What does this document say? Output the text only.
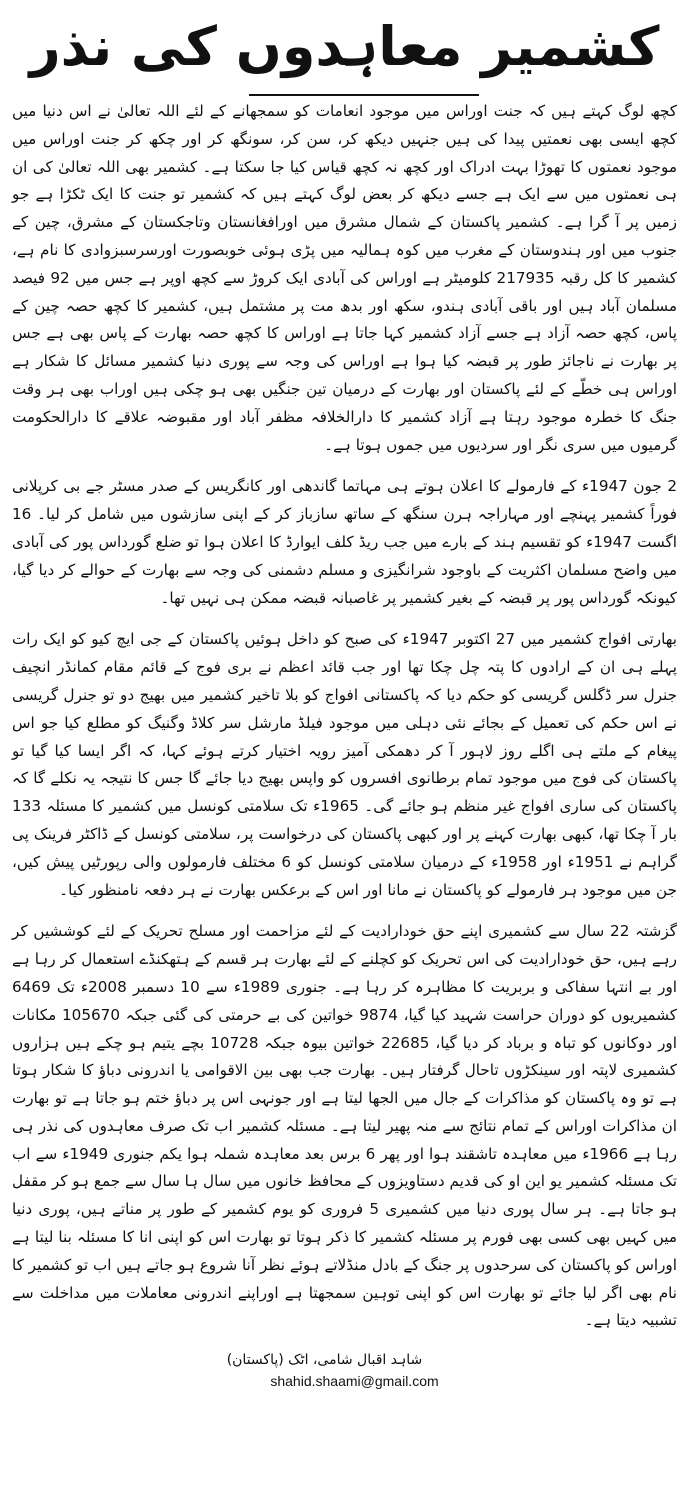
کشمیر معاہدوں کی نذر

کچھ لوگ کہتے ہیں کہ جنت اوراس میں موجود انعامات کو سمجھانے کے لئے اللہ تعالیٰ نے اس دنیا میں کچھ ایسی بھی نعمتیں پیدا کی ہیں جنہیں دیکھ کر، سن کر، سونگھ کر اور چکھ کر جنت اوراس میں موجود نعمتوں کا تھوڑا بہت ادراک اور کچھ نہ کچھ قیاس کیا جا سکتا ہے۔ کشمیر بھی اللہ تعالیٰ کی ان ہی نعمتوں میں سے ایک ہے جسے دیکھ کر بعض لوگ کہتے ہیں کہ کشمیر تو جنت کا ایک ٹکڑا ہے جو زمیں پر آ گرا ہے۔ کشمیر پاکستان کے شمال مشرق میں اورافغانستان وتاجکستان کے مشرق، چین کے جنوب میں اور ہندوستان کے مغرب میں کوہ ہمالیہ میں پڑی ہوئی خوبصورت اورسرسبزوادی کا نام ہے، کشمیر کا کل رقبہ 217935 کلومیٹر ہے اوراس کی آبادی ایک کروڑ سے کچھ اوپر ہے جس میں 92 فیصد مسلمان آباد ہیں اور باقی آبادی ہندو، سکھ اور بدھ مت پر مشتمل ہیں، کشمیر کا کچھ حصہ چین کے پاس، کچھ حصہ آزاد ہے جسے آزاد کشمیر کہا جاتا ہے اوراس کا کچھ حصہ بھارت کے پاس بھی ہے جس پر بھارت نے ناجائز طور پر قبضہ کیا ہوا ہے اوراس کی وجہ سے پوری دنیا کشمیر مسائل کا شکار ہے اوراس ہی خطّے کے لئے پاکستان اور بھارت کے درمیان تین جنگیں بھی ہو چکی ہیں اوراب بھی ہر وقت جنگ کا خطرہ موجود رہتا ہے آزاد کشمیر کا دارالخلافہ مظفر آباد اور مقبوضہ علاقے کا دارالحکومت گرمیوں میں سری نگر اور سردیوں میں جموں ہوتا ہے۔

2 جون 1947ء کے فارمولے کا اعلان ہوتے ہی مہاتما گاندھی اور کانگریس کے صدر مسٹر جے بی کرپلانی فوراً کشمیر پہنچے اور مہاراجہ ہرن سنگھ کے ساتھ سازباز کر کے اپنی سازشوں میں شامل کر لیا۔ 16 اگست 1947ء کو تقسیم ہند کے بارے میں جب ریڈ کلف ایوارڈ کا اعلان ہوا تو ضلع گورداس پور کی آبادی میں واضح مسلمان اکثریت کے باوجود شرانگیزی و مسلم دشمنی کی وجہ سے بھارت کے حوالے کر دیا گیا، کیونکہ گورداس پور پر قبضہ کے بغیر کشمیر پر غاصبانہ قبضہ ممکن ہی نہیں تھا۔

بھارتی افواج کشمیر میں 27 اکتوبر 1947ء کی صبح کو داخل ہوئیں پاکستان کے جی ایچ کیو کو ایک رات پہلے ہی ان کے ارادوں کا پتہ چل چکا تھا اور جب قائد اعظم نے بری فوج کے قائم مقام کمانڈر انچیف جنرل سر ڈگلس گریسی کو حکم دیا کہ پاکستانی افواج کو بلا تاخیر کشمیر میں بھیج دو تو جنرل گریسی نے اس حکم کی تعمیل کے بجائے نئی دہلی میں موجود فیلڈ مارشل سر کلاڈ وگنیگ کو مطلع کیا جو اس پیغام کے ملتے ہی اگلے روز لاہور آ کر دھمکی آمیز رویہ اختیار کرتے ہوئے کہا، کہ اگر ایسا کیا گیا تو پاکستان کی فوج میں موجود تمام برطانوی افسروں کو واپس بھیج دیا جائے گا جس کا نتیجہ یہ نکلے گا کہ پاکستان کی ساری افواج غیر منظم ہو جائے گی۔ 1965ء تک سلامتی کونسل میں کشمیر کا مسئلہ 133 بار آ چکا تھا، کبھی بھارت کہنے پر اور کبھی پاکستان کی درخواست پر، سلامتی کونسل کے ڈاکٹر فرینک پی گراہم نے 1951ء اور 1958ء کے درمیان سلامتی کونسل کو 6 مختلف فارمولوں والی رپورٹیں پیش کیں، جن میں موجود ہر فارمولے کو پاکستان نے مانا اور اس کے برعکس بھارت نے ہر دفعہ نامنظور کیا۔

گزشتہ 22 سال سے کشمیری اپنے حق خودارادیت کے لئے مزاحمت اور مسلح تحریک کے لئے کوششیں کر رہے ہیں، حق خودارادیت کی اس تحریک کو کچلنے کے لئے بھارت ہر قسم کے ہتھکنڈے استعمال کر رہا ہے اور بے انتہا سفاکی و بربریت کا مظاہرہ کر رہا ہے۔ جنوری 1989ء سے 10 دسمبر 2008ء تک 6469 کشمیریوں کو دوران حراست شہید کیا گیا، 9874 خواتین کی بے حرمتی کی گئی جبکہ 105670 مکانات اور دوکانوں کو تباہ و برباد کر دیا گیا، 22685 خواتین بیوہ جبکہ 10728 بچے یتیم ہو چکے ہیں ہزاروں کشمیری لاپتہ اور سینکڑوں تاحال گرفتار ہیں۔ بھارت جب بھی بین الاقوامی یا اندرونی دباؤ کا شکار ہوتا ہے تو وہ پاکستان کو مذاکرات کے جال میں الجھا لیتا ہے اور جونہی اس پر دباؤ ختم ہو جاتا ہے تو بھارت ان مذاکرات اوراس کے تمام نتائج سے منہ پھیر لیتا ہے۔ مسئلہ کشمیر اب تک صرف معاہدوں کی نذر ہی رہا ہے 1966ء میں معاہدہ تاشقند ہوا اور پھر 6 برس بعد معاہدہ شملہ ہوا یکم جنوری 1949ء سے اب تک مسئلہ کشمیر یو این او کی قدیم دستاویزوں کے محافظ خانوں میں سال ہا سال سے جمع ہو کر مقفل ہو جاتا ہے۔ ہر سال پوری دنیا میں کشمیری 5 فروری کو یوم کشمیر کے طور پر مناتے ہیں، پوری دنیا میں کہیں بھی کسی بھی فورم پر مسئلہ کشمیر کا ذکر ہوتا تو بھارت اس کو اپنی انا کا مسئلہ بنا لیتا ہے اوراس کو پاکستان کی سرحدوں پر جنگ کے بادل منڈلاتے ہوئے نظر آنا شروع ہو جاتے ہیں اب تو کشمیر کا نام بھی اگر لیا جائے تو بھارت اس کو اپنی توہین سمجھتا ہے اوراپنے اندرونی معاملات میں مداخلت سے تشبیہ دیتا ہے۔

شاہد اقبال شامی، اٹک (پاکستان)
shahid.shaami@gmail.com
